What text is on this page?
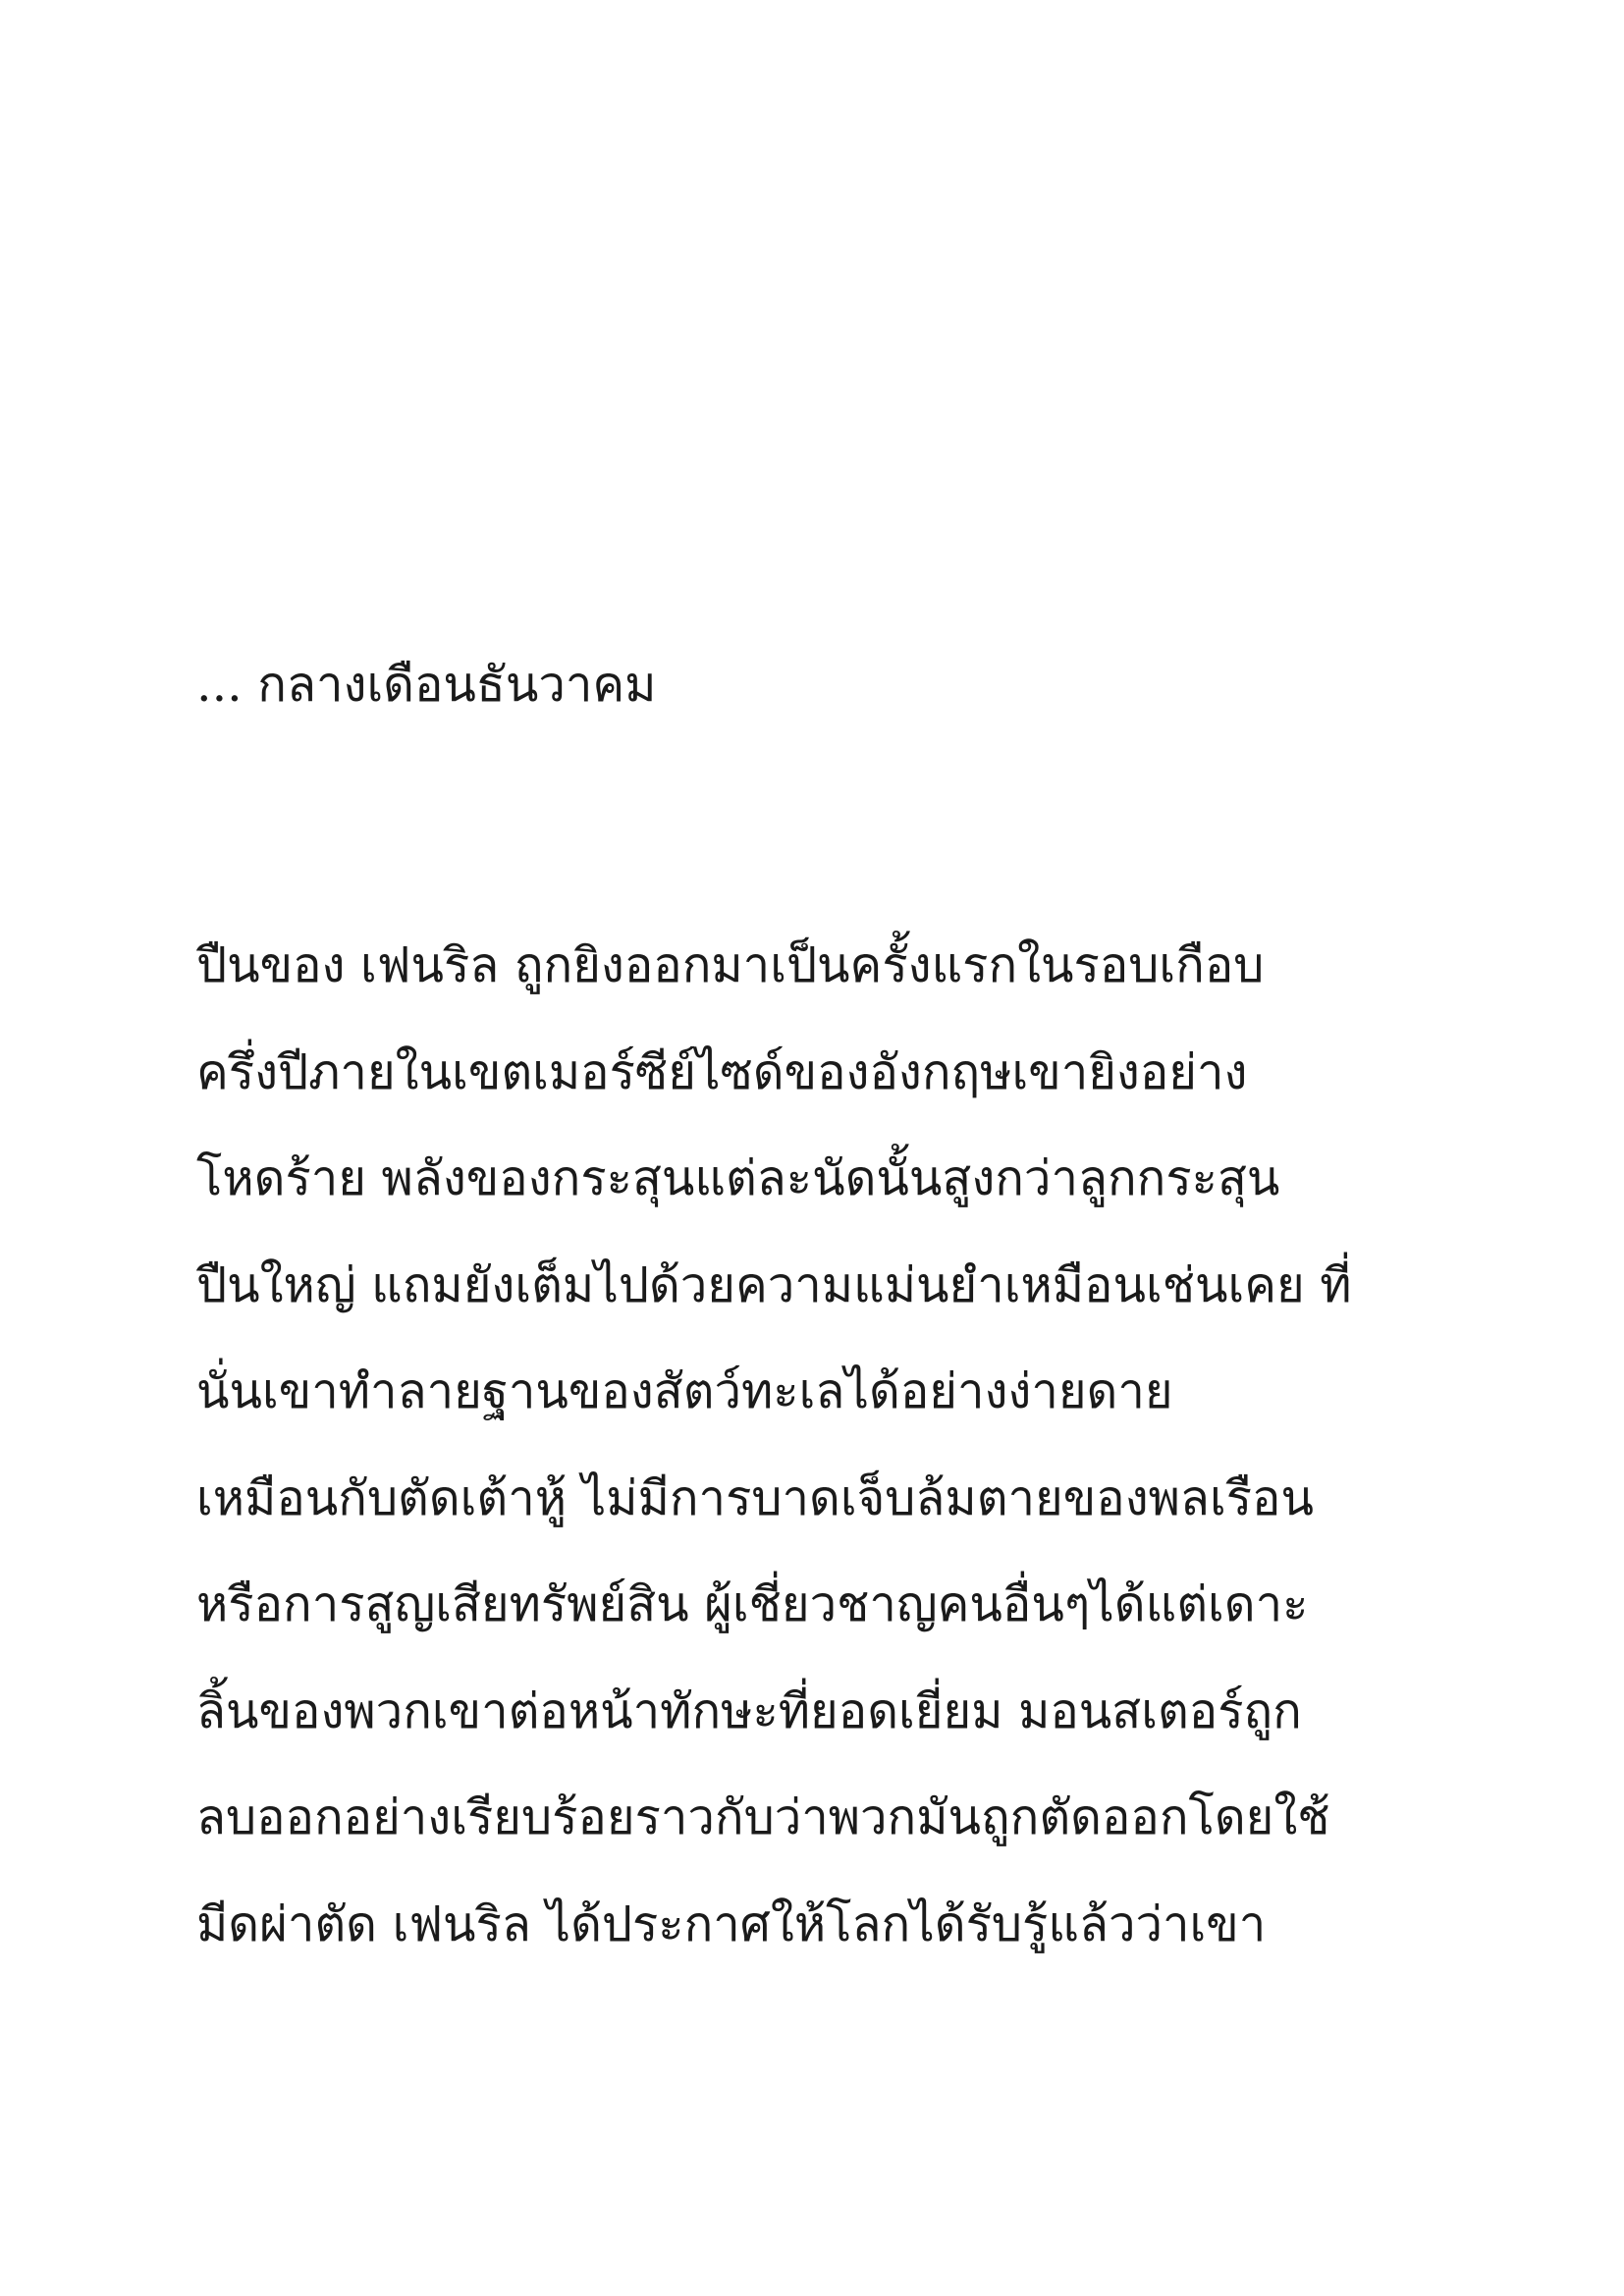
... กลางเดือนธันวาคม
ปืนของ เฟนริล ถูกยิงออกมาเป็นครั้งแรกในรอบเกือบ
ครึ่งปีภายในเขตเมอร์ซีย์ไซด์ของอังกฤษเขายิงอย่าง
โหดร้าย พลังของกระสุนแต่ละนัดนั้นสูงกว่าลูกกระสุน
ปืนใหญ่ แถมยังเต็มไปด้วยความแม่นยำเหมือนเช่นเคย ที่
นั่นเขาทำลายฐานของสัตว์ทะเลได้อย่างง่ายดาย
เหมือนกับตัดเต้าหู้ ไม่มีการบาดเจ็บล้มตายของพลเรือน
หรือการสูญเสียทรัพย์สิน ผู้เชี่ยวชาญคนอื่นๆได้แต่เดาะ
ลิ้นของพวกเขาต่อหน้าทักษะที่ยอดเยี่ยม มอนสเตอร์ถูก
ลบออกอย่างเรียบร้อยราวกับว่าพวกมันถูกตัดออกโดยใช้
มีดผ่าตัด เฟนริล ได้ประกาศให้โลกได้รับรู้แล้วว่าเขา
